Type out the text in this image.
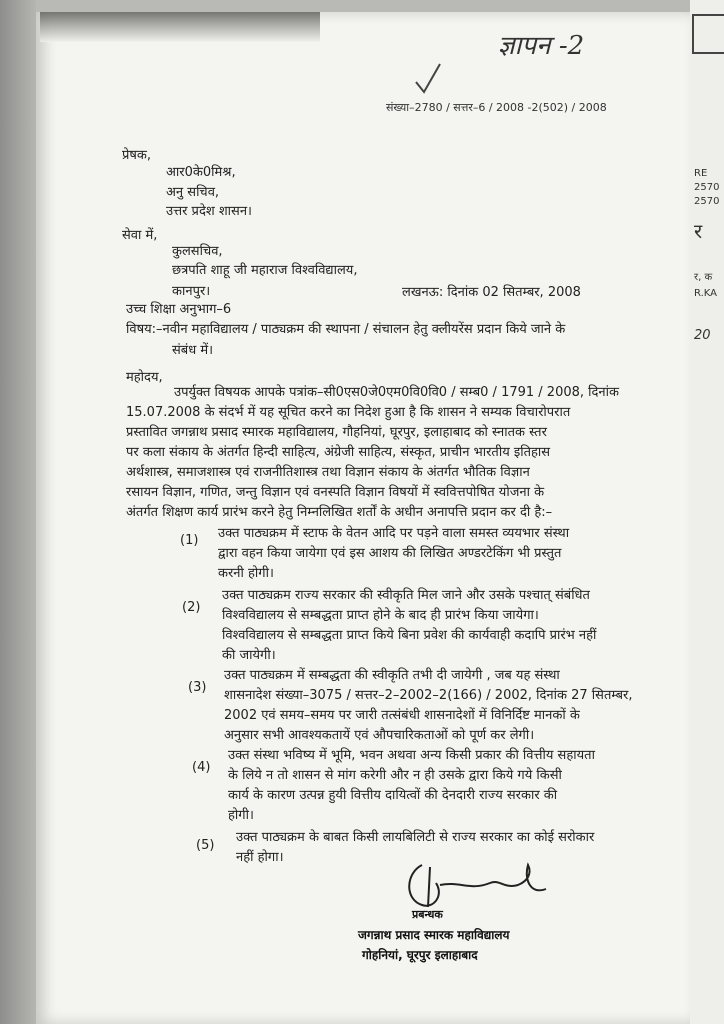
RE
2570
2570
र
र, क
R.KA
20
ज्ञापन -2
संख्या–2780 / सत्तर–6 / 2008 -2(502) / 2008
प्रेषक,
आर0के0मिश्र,
अनु सचिव,
उत्तर प्रदेश शासन।
सेवा में,
कुलसचिव,
छत्रपति शाहू जी महाराज विश्वविद्यालय,
कानपुर।
उच्च शिक्षा अनुभाग–6
लखनऊ: दिनांक 02 सितम्बर, 2008
विषय:–नवीन महाविद्यालय / पाठ्यक्रम की स्थापना / संचालन हेतु क्लीयरेंस प्रदान किये जाने के
संबंध में।
महोदय,
उपर्युक्त विषयक आपके पत्रांक–सी0एस0जे0एम0वि0वि0 / सम्ब0 / 1791 / 2008, दिनांक
15.07.2008 के संदर्भ में यह सूचित करने का निदेश हुआ है कि शासन ने सम्यक विचारोपरात
प्रस्तावित जगन्नाथ प्रसाद स्मारक महाविद्यालय, गौहनियां, घूरपुर, इलाहाबाद को स्नातक स्तर
पर कला संकाय के अंतर्गत हिन्दी साहित्य, अंग्रेजी साहित्य, संस्कृत, प्राचीन भारतीय इतिहास
अर्थशास्त्र, समाजशास्त्र एवं राजनीतिशास्त्र तथा विज्ञान संकाय के अंतर्गत भौतिक विज्ञान
रसायन विज्ञान, गणित, जन्तु विज्ञान एवं वनस्पति विज्ञान विषयों में स्ववित्तपोषित योजना के
अंतर्गत शिक्षण कार्य प्रारंभ करने हेतु निम्नलिखित शर्तों के अधीन अनापत्ति प्रदान कर दी है:–
(1) उक्त पाठ्यक्रम में स्टाफ के वेतन आदि पर पड़ने वाला समस्त व्ययभार संस्था
द्वारा वहन किया जायेगा एवं इस आशय की लिखित अण्डरटेकिंग भी प्रस्तुत
करनी होगी।
(2)
उक्त पाठ्यक्रम राज्य सरकार की स्वीकृति मिल जाने और उसके पश्चात् संबंधित
विश्वविद्यालय से सम्बद्धता प्राप्त होने के बाद ही प्रारंभ किया जायेगा।
विश्वविद्यालय से सम्बद्धता प्राप्त किये बिना प्रवेश की कार्यवाही कदापि प्रारंभ नहीं
की जायेगी।
(3)
उक्त पाठ्यक्रम में सम्बद्धता की स्वीकृति तभी दी जायेगी , जब यह संस्था
शासनादेश संख्या–3075 / सत्तर–2–2002–2(166) / 2002, दिनांक 27 सितम्बर,
2002 एवं समय–समय पर जारी तत्संबंधी शासनादेशों में विनिर्दिष्ट मानकों के
अनुसार सभी आवश्यकतायें एवं औपचारिकताओं को पूर्ण कर लेगी।
(4)
उक्त संस्था भविष्य में भूमि, भवन अथवा अन्य किसी प्रकार की वित्तीय सहायता
के लिये न तो शासन से मांग करेगी और न ही उसके द्वारा किये गये किसी
कार्य के कारण उत्पन्न हुयी वित्तीय दायित्वों की देनदारी राज्य सरकार की
होगी।
(5)
उक्त पाठ्यक्रम के बाबत किसी लायबिलिटी से राज्य सरकार का कोई सरोकार
नहीं होगा।
प्रबन्धक
जगन्नाथ प्रसाद स्मारक महाविद्यालय
गोहनियां, घूरपुर इलाहाबाद
